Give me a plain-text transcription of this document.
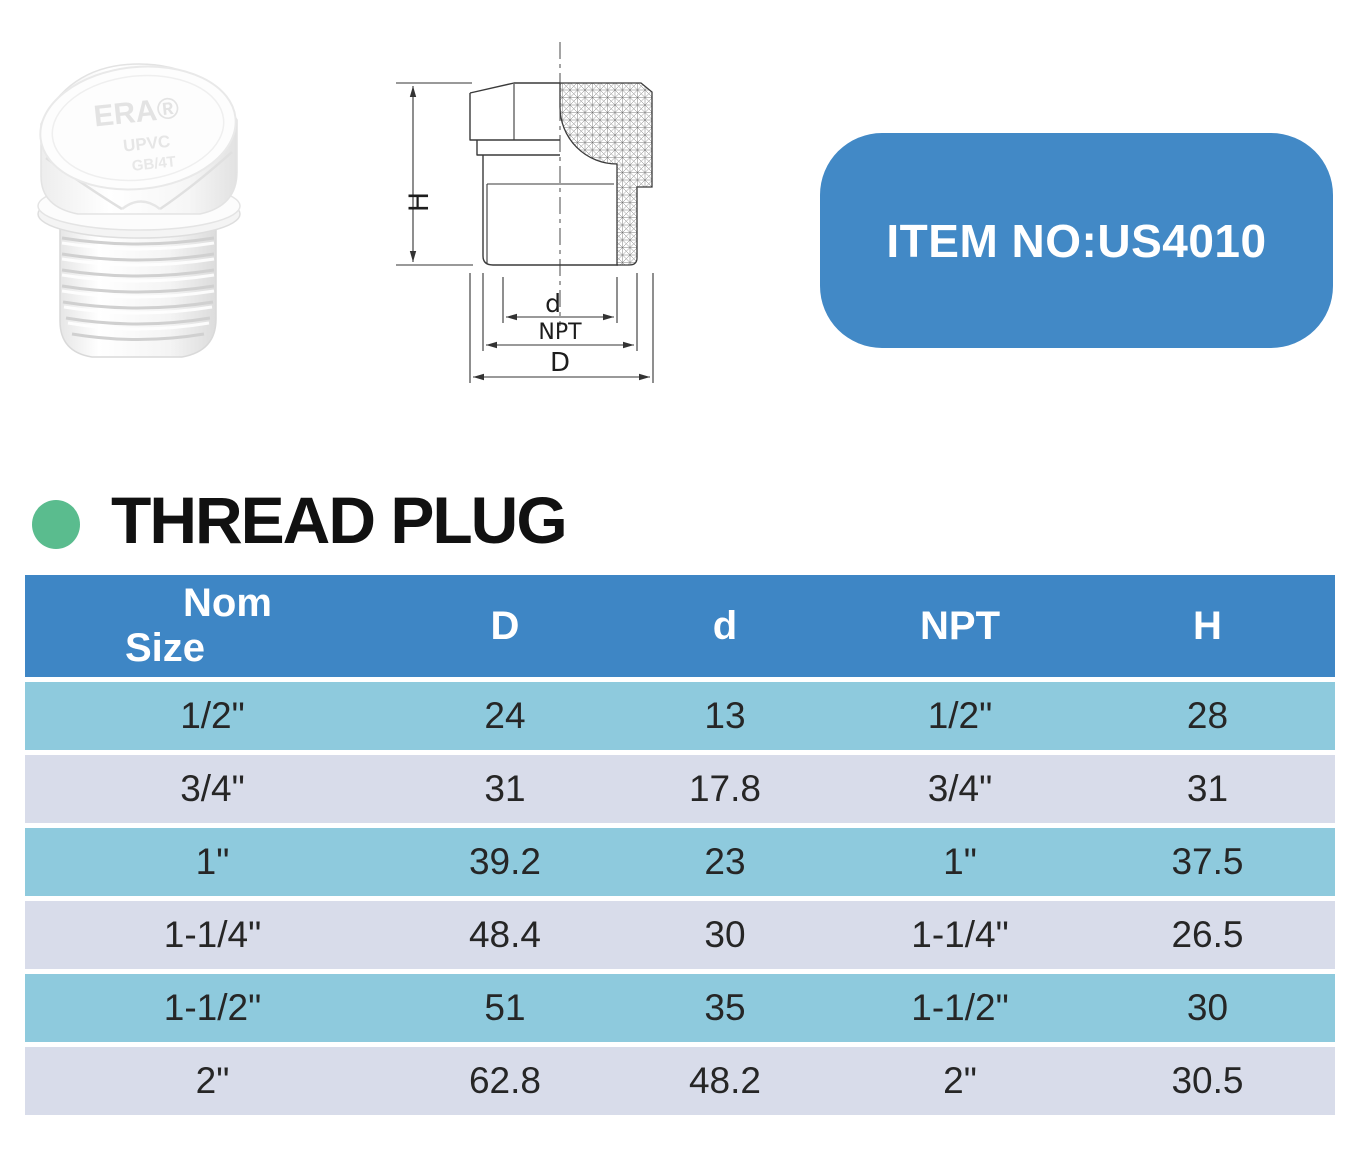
ERA®
UPVC
GB/4T
H
d
NPT
D
ITEM NO:US4010
THREAD PLUG
Nom
Size	D	d	NPT	H
1/2"	24	13	1/2"	28
3/4"	31	17.8	3/4"	31
1"	39.2	23	1"	37.5
1-1/4"	48.4	30	1-1/4"	26.5
1-1/2"	51	35	1-1/2"	30
2"	62.8	48.2	2"	30.5
